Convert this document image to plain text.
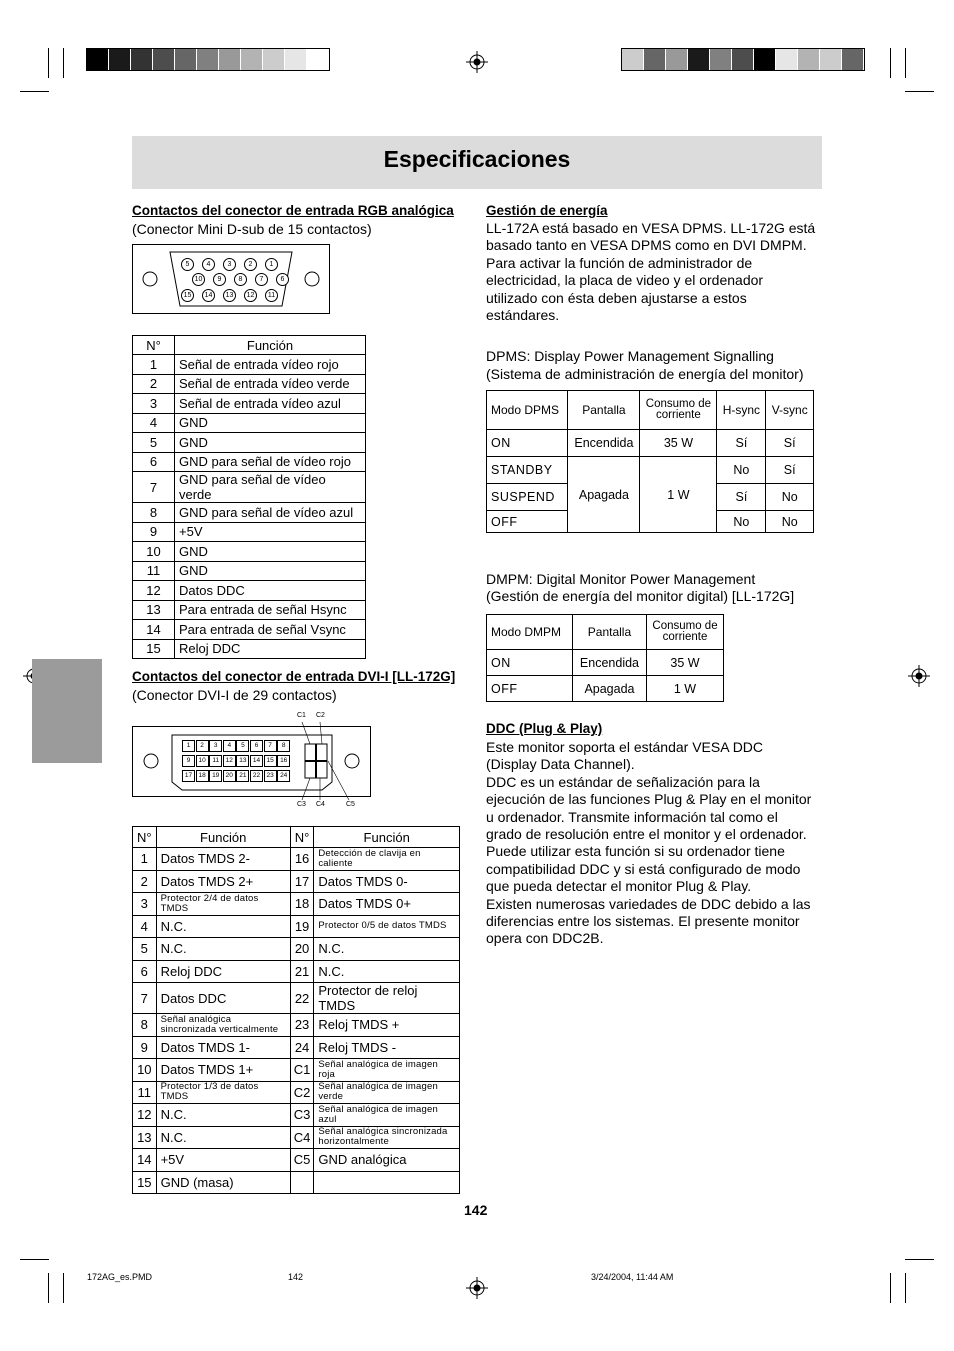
Especificaciones
Contactos del conector de entrada RGB analógica
(Conector Mini D-sub de 15 contactos)
5	4	3	2	1
10	9	8	7	6
15	14	13	12	11
N°	Función
1	Señal de entrada vídeo rojo
2	Señal de entrada vídeo verde
3	Señal de entrada vídeo azul
4	GND
5	GND
6	GND para señal de vídeo rojo
7	GND para señal de vídeo verde
8	GND para señal de vídeo azul
9	+5V
10	GND
11	GND
12	Datos DDC
13	Para entrada de señal Hsync
14	Para entrada de señal Vsync
15	Reloj DDC
Contactos del conector de entrada DVI-I [LL-172G]
(Conector DVI-I de 29 contactos)
C1 C2
C3 C4	C5
1	2	3	4	5	6	7	8
9	10	11	12 13 14 15 16
17 18 19 20 21 22 23 24
N°	Función	N°	Función
1	Datos TMDS 2-	16	Detección de clavija en caliente
2	Datos TMDS 2+	17	Datos TMDS 0-
3	Protector 2/4 de datos TMDS	18	Datos TMDS 0+
4	N.C.	19	Protector 0/5 de datos TMDS
5	N.C.	20	N.C.
6	Reloj DDC	21	N.C.
7	Datos DDC	22	Protector de reloj TMDS
8	Señal analógica sincronizada verticalmente	23	Reloj TMDS +
9	Datos TMDS 1-	24	Reloj TMDS -
10	Datos TMDS 1+	C1	Señal analógica de imagen roja
11	Protector 1/3 de datos TMDS	C2	Señal analógica de imagen verde
12	N.C.	C3	Señal analógica de imagen azul
13	N.C.	C4	Señal analógica sincronizada horizontalmente
14	+5V	C5	GND analógica
15	GND (masa)		
Gestión de energía
LL-172A está basado en VESA DPMS. LL-172G está basado tanto en VESA DPMS como en DVI DMPM. Para activar la función de administrador de electricidad, la placa de video y el ordenador utilizado con ésta deben ajustarse a estos estándares.
DPMS: Display Power Management Signalling
(Sistema de administración de energía del monitor)
Modo DPMS	Pantalla	Consumo de corriente	H-sync	V-sync
ON	Encendida	35 W	Sí	Sí
STANDBY	Apagada	1 W	No	Sí
SUSPEND			Sí	No
OFF			No	No
DMPM: Digital Monitor Power Management
(Gestión de energía del monitor digital) [LL-172G]
Modo DMPM	Pantalla	Consumo de corriente
ON	Encendida	35 W
OFF	Apagada	1 W
DDC (Plug & Play)
Este monitor soporta el estándar VESA DDC (Display Data Channel).
DDC es un estándar de señalización para la ejecución de las funciones Plug & Play en el monitor u ordenador. Transmite información tal como el grado de resolución entre el monitor y el ordenador. Puede utilizar esta función si su ordenador tiene compatibilidad DDC y si está configurado de modo que pueda detectar el monitor Plug & Play.
Existen numerosas variedades de DDC debido a las diferencias entre los sistemas. El presente monitor opera con DDC2B.
142
172AG_es.PMD	142	3/24/2004, 11:44 AM
